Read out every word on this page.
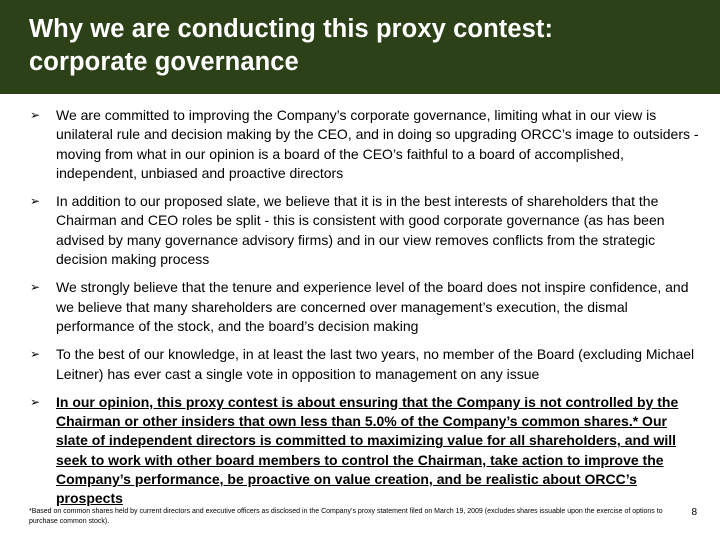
Why we are conducting this proxy contest:
corporate governance
➢ We are committed to improving the Company’s corporate governance, limiting what in our view is unilateral rule and decision making by the CEO, and in doing so upgrading ORCC’s image to outsiders - moving from what in our opinion is a board of the CEO’s faithful to a board of accomplished, independent, unbiased and proactive directors
➢ In addition to our proposed slate, we believe that it is in the best interests of shareholders that the Chairman and CEO roles be split - this is consistent with good corporate governance (as has been advised by many governance advisory firms) and in our view removes conflicts from the strategic decision making process
➢ We strongly believe that the tenure and experience level of the board does not inspire confidence, and we believe that many shareholders are concerned over management’s execution, the dismal performance of the stock, and the board’s decision making
➢ To the best of our knowledge, in at least the last two years, no member of the Board (excluding Michael Leitner) has ever cast a single vote in opposition to management on any issue
➢ In our opinion, this proxy contest is about ensuring that the Company is not controlled by the Chairman or other insiders that own less than 5.0% of the Company’s common shares.* Our slate of independent directors is committed to maximizing value for all shareholders, and will seek to work with other board members to control the Chairman, take action to improve the Company’s performance, be proactive on value creation, and be realistic about ORCC’s prospects

*Based on common shares held by current directors and executive officers as disclosed in the Company’s proxy statement filed on March 19, 2009 (excludes shares issuable upon the exercise of options to purchase common stock).

8
